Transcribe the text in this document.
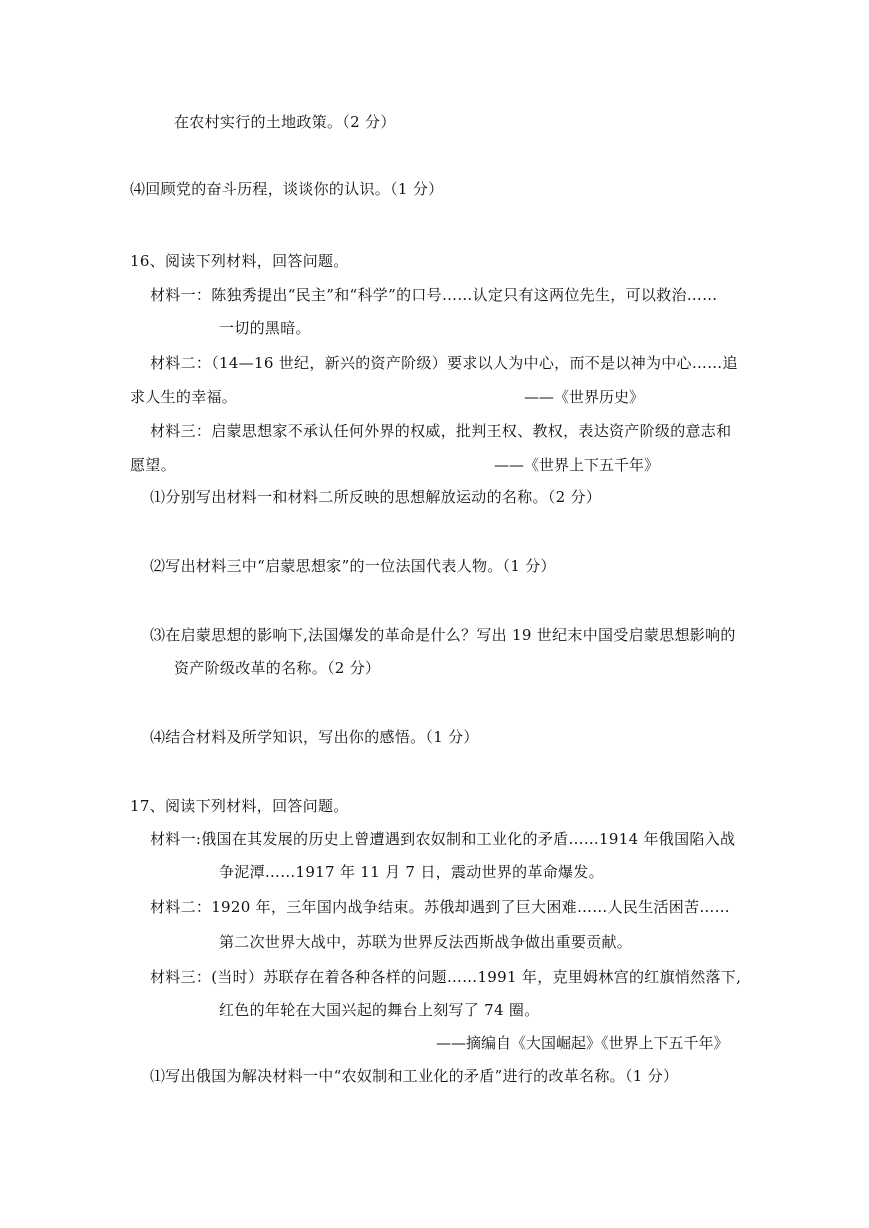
在农村实行的土地政策。（2 分）
⑷回顾党的奋斗历程，谈谈你的认识。（1 分）
16、阅读下列材料，回答问题。
材料一：陈独秀提出“民主”和“科学”的口号……认定只有这两位先生，可以救治……
一切的黑暗。
材料二：（14—16 世纪，新兴的资产阶级）要求以人为中心，而不是以神为中心……追
求人生的幸福。	——《世界历史》
材料三：启蒙思想家不承认任何外界的权威，批判王权、教权，表达资产阶级的意志和
愿望。	——《世界上下五千年》
⑴分别写出材料一和材料二所反映的思想解放运动的名称。（2 分）
⑵写出材料三中“启蒙思想家”的一位法国代表人物。（1 分）
⑶在启蒙思想的影响下,法国爆发的革命是什么？写出 19 世纪末中国受启蒙思想影响的
资产阶级改革的名称。（2 分）
⑷结合材料及所学知识，写出你的感悟。（1 分）
17、阅读下列材料，回答问题。
材料一:俄国在其发展的历史上曾遭遇到农奴制和工业化的矛盾……1914 年俄国陷入战
争泥潭……1917 年 11 月 7 日，震动世界的革命爆发。
材料二：1920 年，三年国内战争结束。苏俄却遇到了巨大困难……人民生活困苦……
第二次世界大战中，苏联为世界反法西斯战争做出重要贡献。
材料三：(当时）苏联存在着各种各样的问题……1991 年，克里姆林宫的红旗悄然落下,
红色的年轮在大国兴起的舞台上刻写了 74 圈。
——摘编自《大国崛起》《世界上下五千年》
⑴写出俄国为解决材料一中“农奴制和工业化的矛盾”进行的改革名称。（1 分）
